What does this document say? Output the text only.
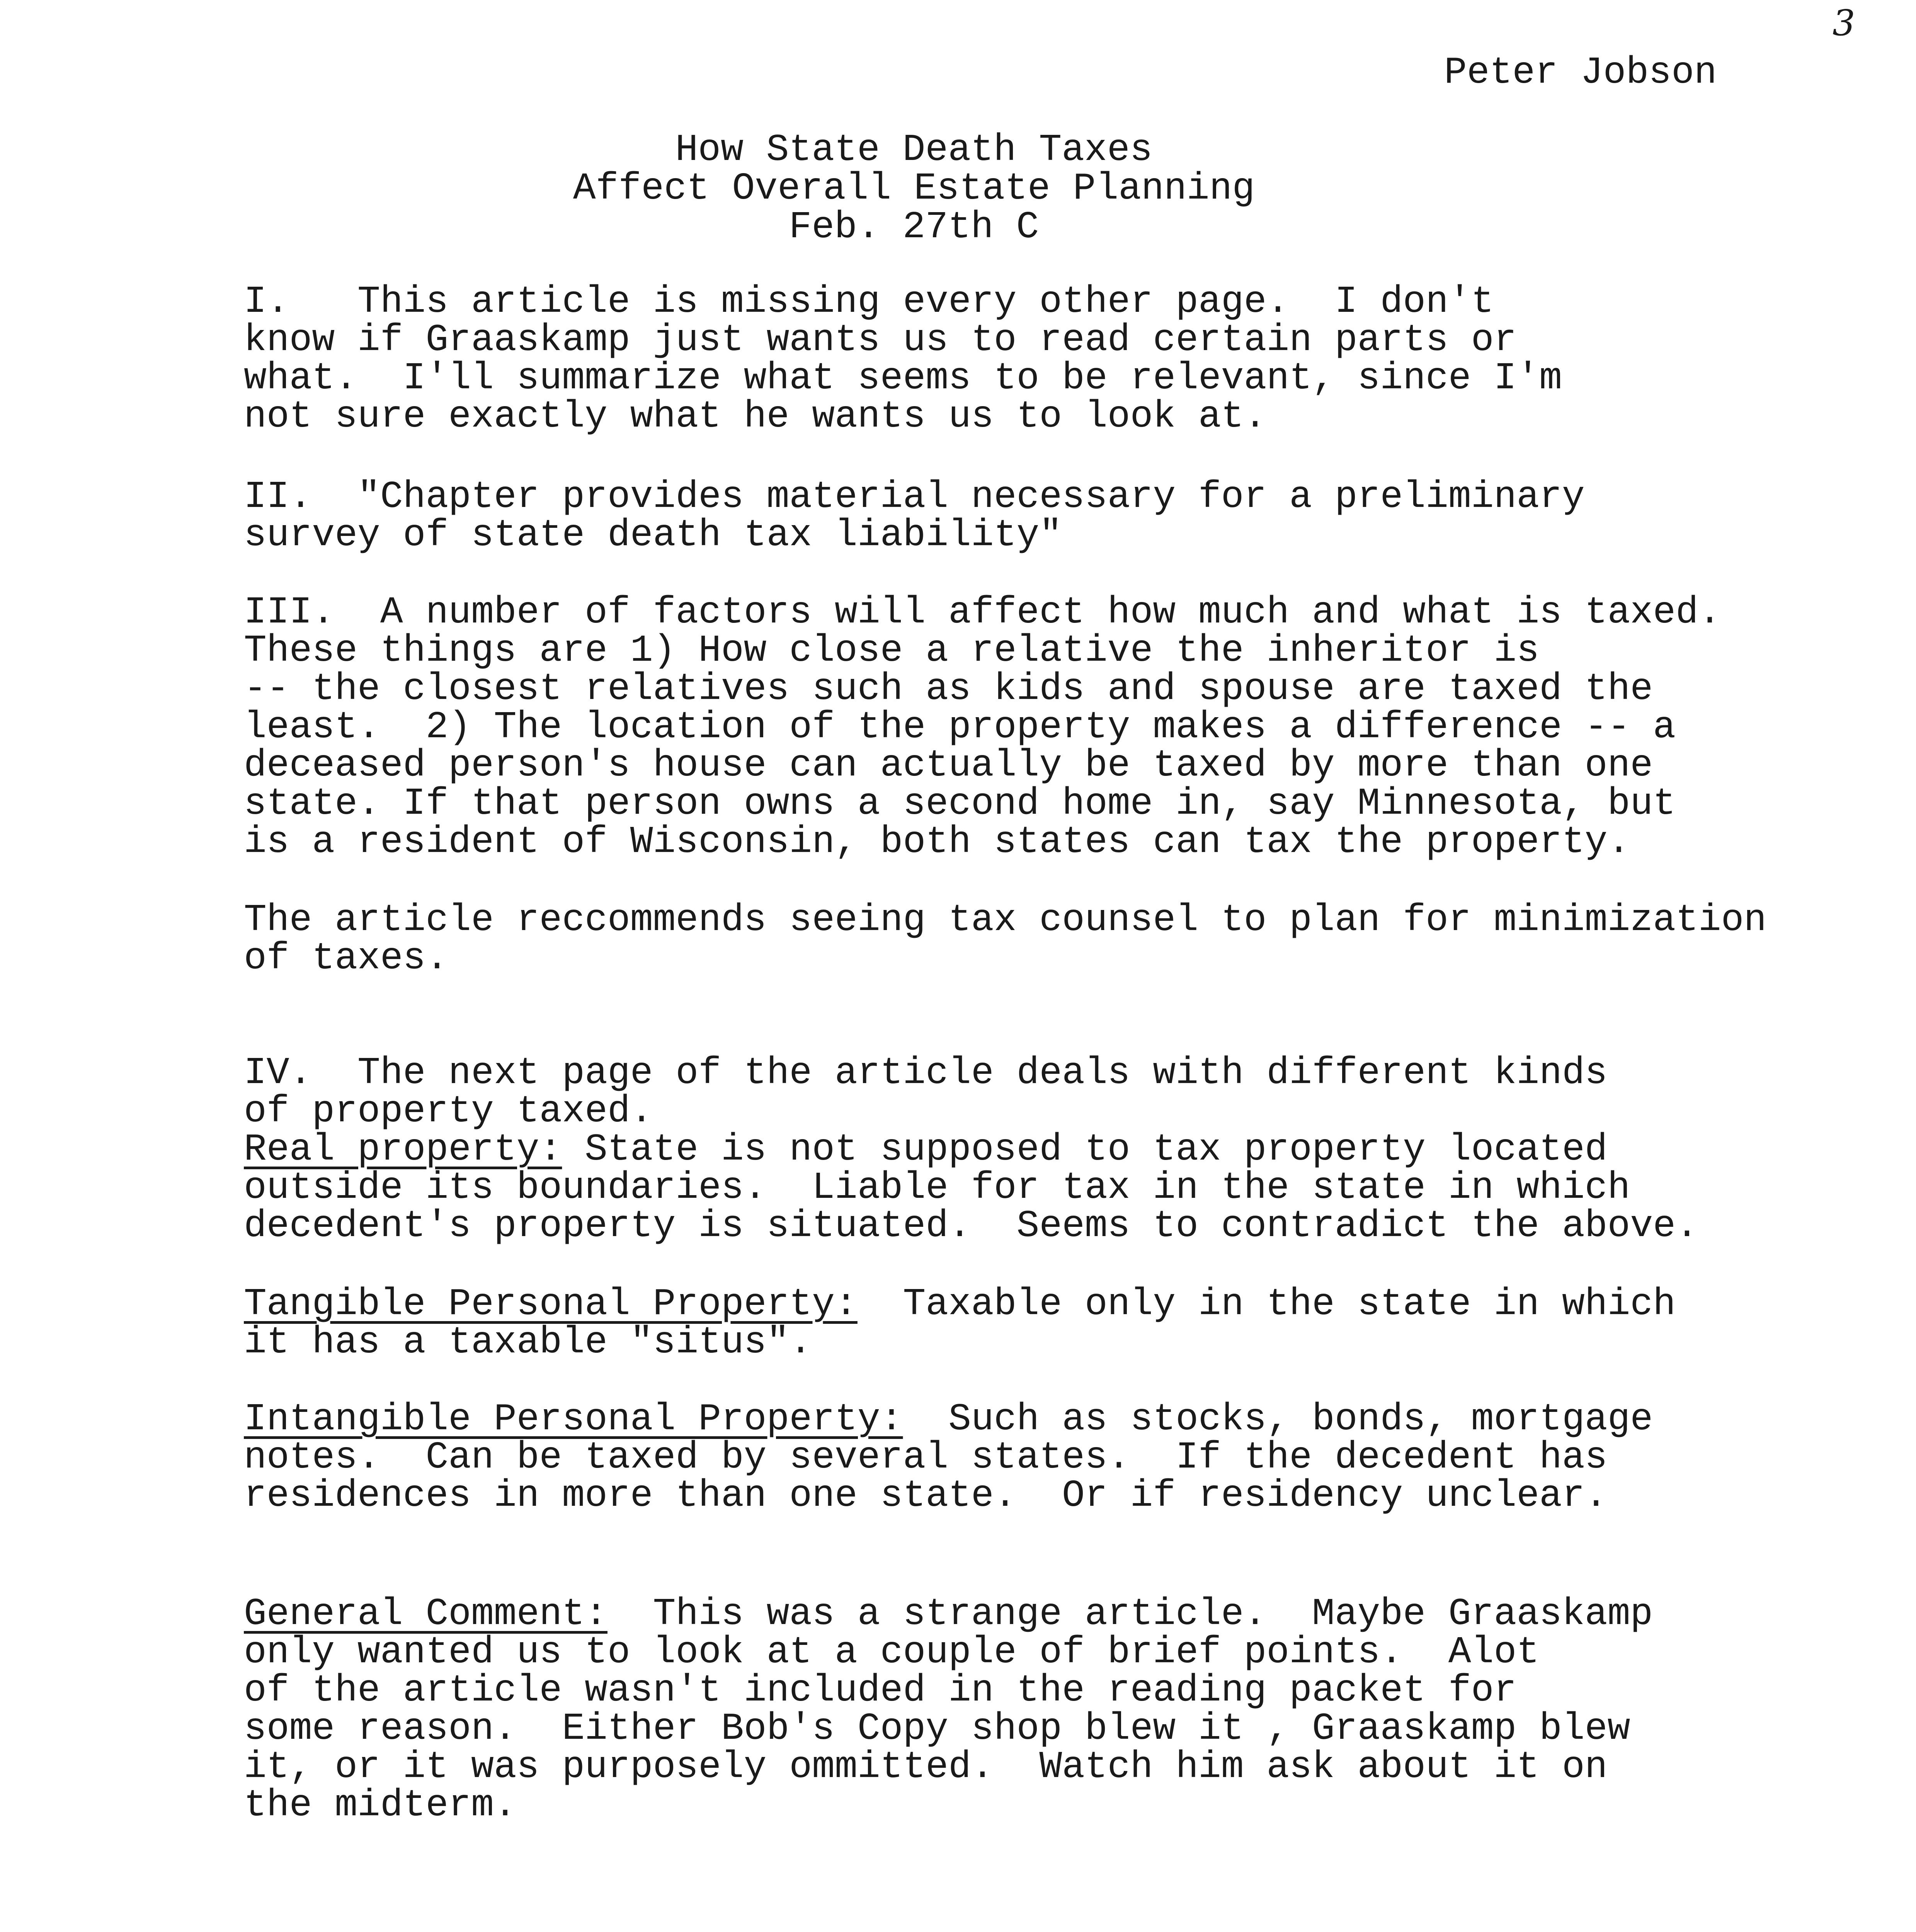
3
Peter Jobson
How State Death Taxes
Affect Overall Estate Planning
Feb. 27th C
I.   This article is missing every other page.  I don't
know if Graaskamp just wants us to read certain parts or
what.  I'll summarize what seems to be relevant, since I'm
not sure exactly what he wants us to look at.
II.  "Chapter provides material necessary for a preliminary
survey of state death tax liability"
III.  A number of factors will affect how much and what is taxed.
These things are 1) How close a relative the inheritor is
-- the closest relatives such as kids and spouse are taxed the
least.  2) The location of the property makes a difference -- a
deceased person's house can actually be taxed by more than one
state. If that person owns a second home in, say Minnesota, but
is a resident of Wisconsin, both states can tax the property.
The article reccommends seeing tax counsel to plan for minimization
of taxes.
IV.  The next page of the article deals with different kinds
of property taxed.
Real property: State is not supposed to tax property located
outside its boundaries.  Liable for tax in the state in which
decedent's property is situated.  Seems to contradict the above.
Tangible Personal Property:  Taxable only in the state in which
it has a taxable "situs".
Intangible Personal Property:  Such as stocks, bonds, mortgage
notes.  Can be taxed by several states.  If the decedent has
residences in more than one state.  Or if residency unclear.
General Comment:  This was a strange article.  Maybe Graaskamp
only wanted us to look at a couple of brief points.  Alot
of the article wasn't included in the reading packet for
some reason.  Either Bob's Copy shop blew it , Graaskamp blew
it, or it was purposely ommitted.  Watch him ask about it on
the midterm.
